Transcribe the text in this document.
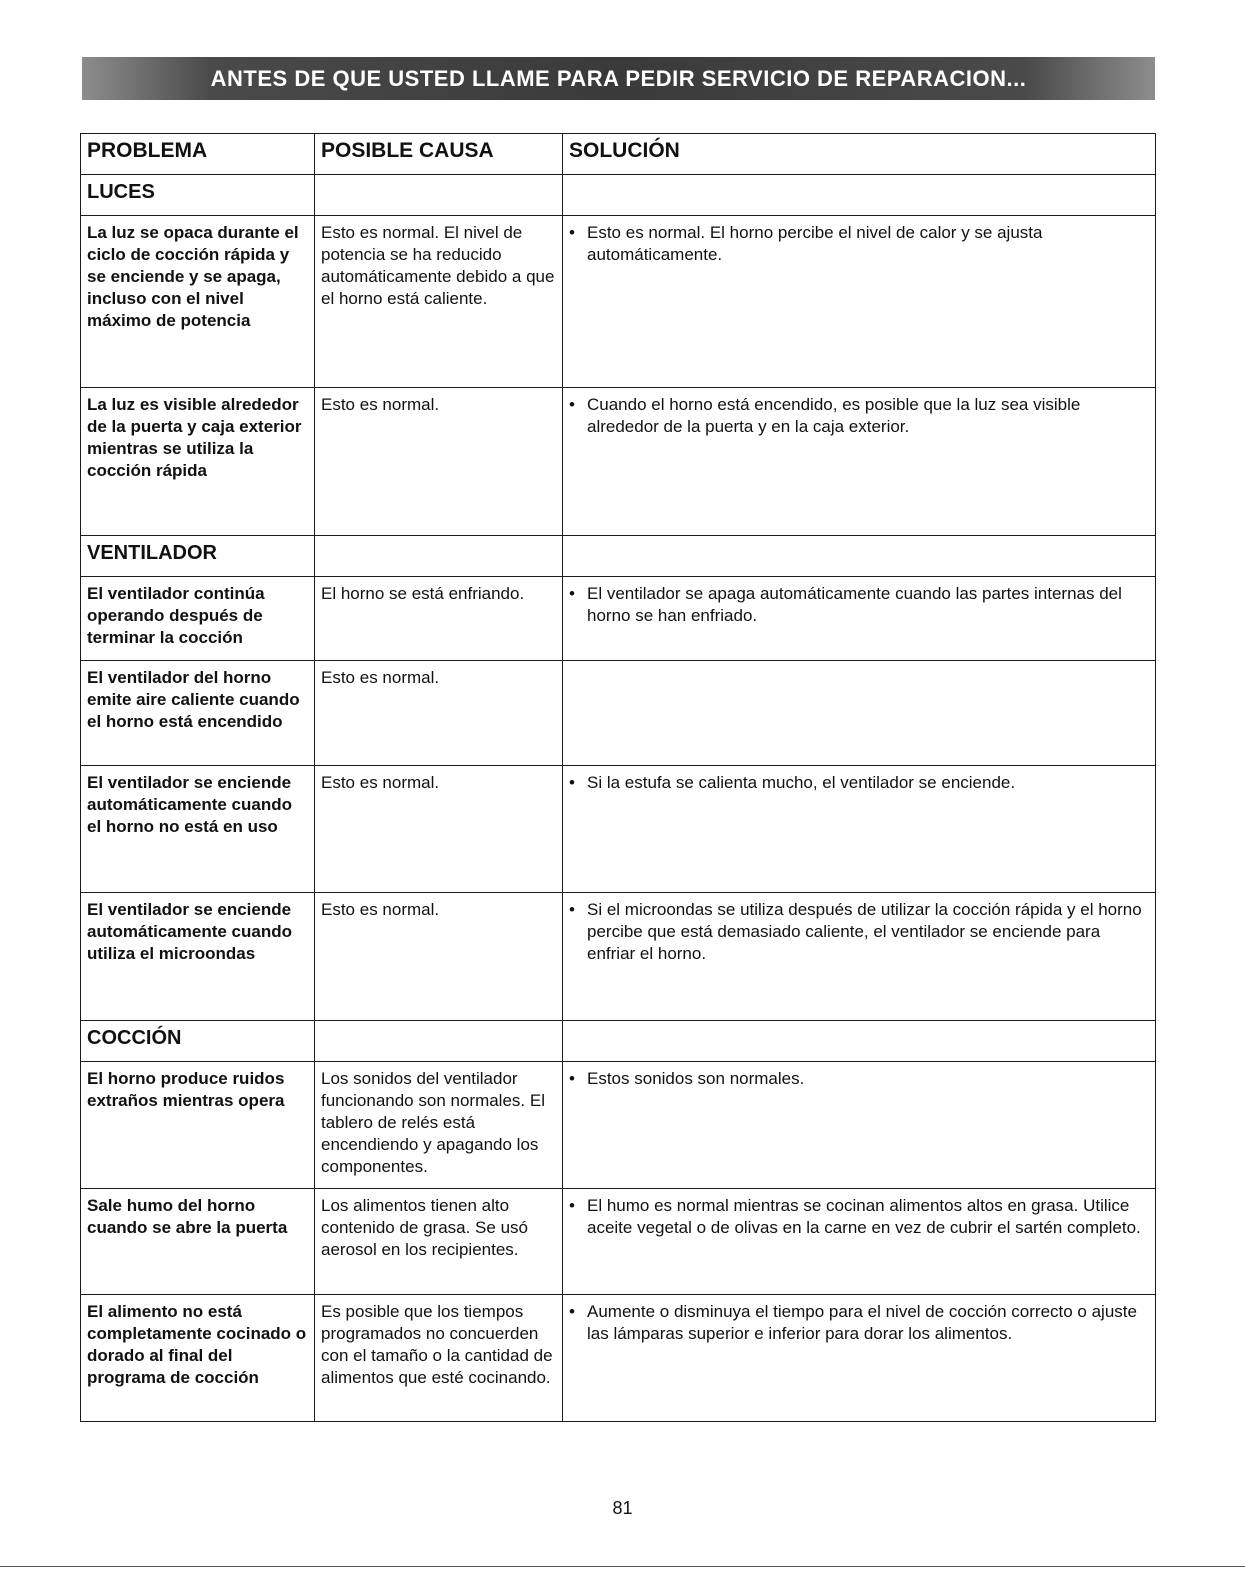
ANTES DE QUE USTED LLAME PARA PEDIR SERVICIO DE REPARACION...
PROBLEMA	POSIBLE CAUSA	SOLUCIÓN
LUCES		
La luz se opaca durante el ciclo de cocción rápida y se enciende y se apaga, incluso con el nivel máximo de potencia	Esto es normal. El nivel de potencia se ha reducido automáticamente debido a que el horno está caliente.	• Esto es normal. El horno percibe el nivel de calor y se ajusta automáticamente.

La luz es visible alrededor de la puerta y caja exterior mientras se utiliza la cocción rápida	Esto es normal.	• Cuando el horno está encendido, es posible que la luz sea visible alrededor de la puerta y en la caja exterior.

VENTILADOR		
El ventilador continúa operando después de terminar la cocción	El horno se está enfriando.	• El ventilador se apaga automáticamente cuando las partes internas del horno se han enfriado.

El ventilador del horno emite aire caliente cuando el horno está encendido	Esto es normal.	
El ventilador se enciende automáticamente cuando el horno no está en uso	Esto es normal.	• Si la estufa se calienta mucho, el ventilador se enciende.

El ventilador se enciende automáticamente cuando utiliza el microondas	Esto es normal.	• Si el microondas se utiliza después de utilizar la cocción rápida y el horno percibe que está demasiado caliente, el ventilador se enciende para enfriar el horno.

COCCIÓN		
El horno produce ruidos extraños mientras opera	Los sonidos del ventilador funcionando son normales. El tablero de relés está encendiendo y apagando los componentes.	• Estos sonidos son normales.

Sale humo del horno cuando se abre la puerta	Los alimentos tienen alto contenido de grasa. Se usó aerosol en los recipientes.	• El humo es normal mientras se cocinan alimentos altos en grasa. Utilice aceite vegetal o de olivas en la carne en vez de cubrir el sartén completo.

El alimento no está completamente cocinado o dorado al final del programa de cocción	Es posible que los tiempos programados no concuerden con el tamaño o la cantidad de alimentos que esté cocinando.	• Aumente o disminuya el tiempo para el nivel de cocción correcto o ajuste las lámparas superior e inferior para dorar los alimentos.
81
